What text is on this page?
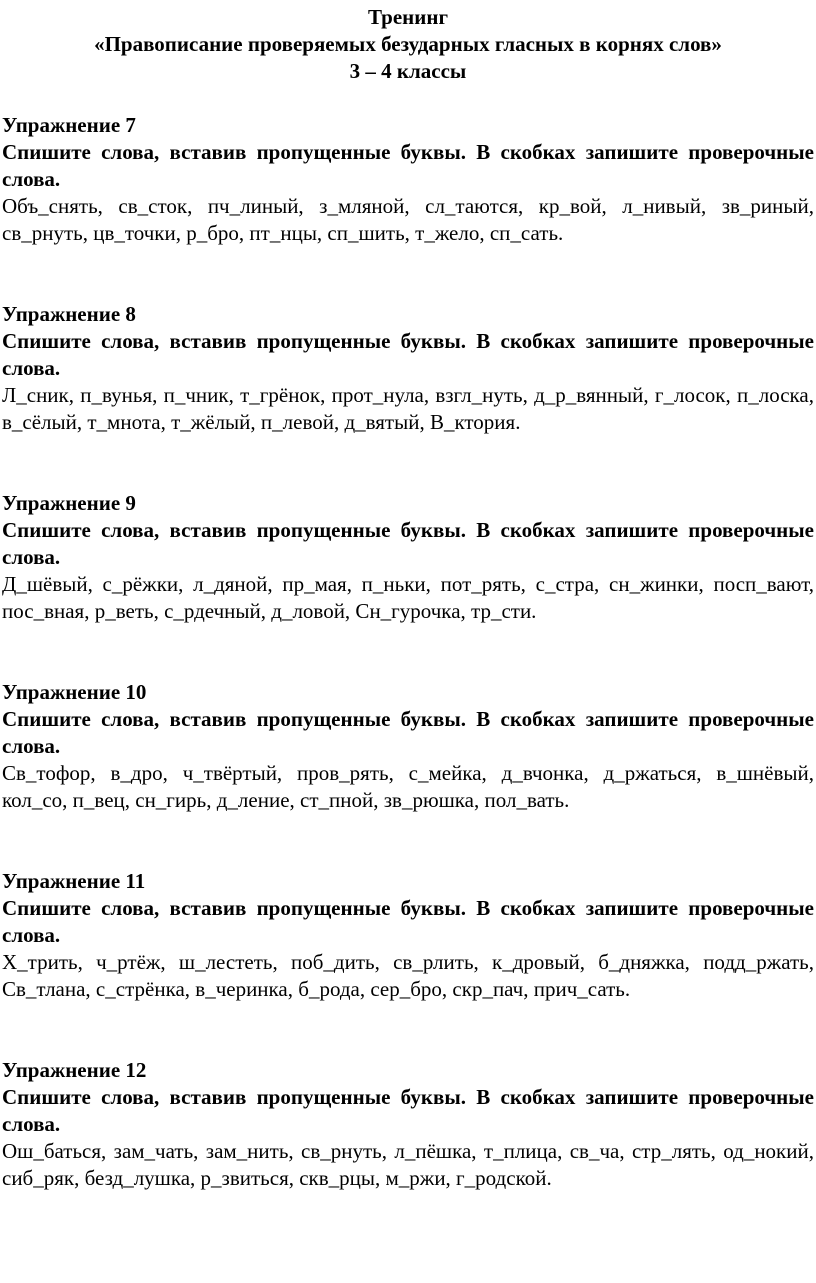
Тренинг
«Правописание проверяемых безударных гласных в корнях слов»
3 – 4 классы
Упражнение 7
Спишите слова, вставив пропущенные буквы. В скобках запишите проверочные слова.
Объ_снять, св_сток, пч_линый, з_мляной, сл_таются, кр_вой, л_нивый, зв_риный, св_рнуть, цв_точки, р_бро, пт_нцы, сп_шить, т_жело, сп_сать.
Упражнение 8
Спишите слова, вставив пропущенные буквы. В скобках запишите проверочные слова.
Л_сник, п_вунья, п_чник, т_грёнок, прот_нула, взгл_нуть, д_р_вянный, г_лосок, п_лоска, в_сёлый, т_мнота, т_жёлый, п_левой, д_вятый, В_ктория.
Упражнение 9
Спишите слова, вставив пропущенные буквы. В скобках запишите проверочные слова.
Д_шёвый, с_рёжки, л_дяной, пр_мая, п_ньки, пот_рять, с_стра, сн_жинки, посп_вают, пос_вная, р_веть, с_рдечный, д_ловой, Сн_гурочка, тр_сти.
Упражнение 10
Спишите слова, вставив пропущенные буквы. В скобках запишите проверочные слова.
Св_тофор, в_дро, ч_твёртый, пров_рять, с_мейка, д_вчонка, д_ржаться, в_шнёвый, кол_со, п_вец, сн_гирь, д_ление, ст_пной, зв_рюшка, пол_вать.
Упражнение 11
Спишите слова, вставив пропущенные буквы. В скобках запишите проверочные слова.
Х_трить, ч_ртёж, ш_лестеть, поб_дить, св_рлить, к_дровый, б_дняжка, подд_ржать, Св_тлана, с_стрёнка, в_черинка, б_рода, сер_бро, скр_пач, прич_сать.
Упражнение 12
Спишите слова, вставив пропущенные буквы. В скобках запишите проверочные слова.
Ош_баться, зам_чать, зам_нить, св_рнуть, л_пёшка, т_плица, св_ча, стр_лять, од_нокий, сиб_ряк, безд_лушка, р_звиться, скв_рцы, м_ржи, г_родской.
